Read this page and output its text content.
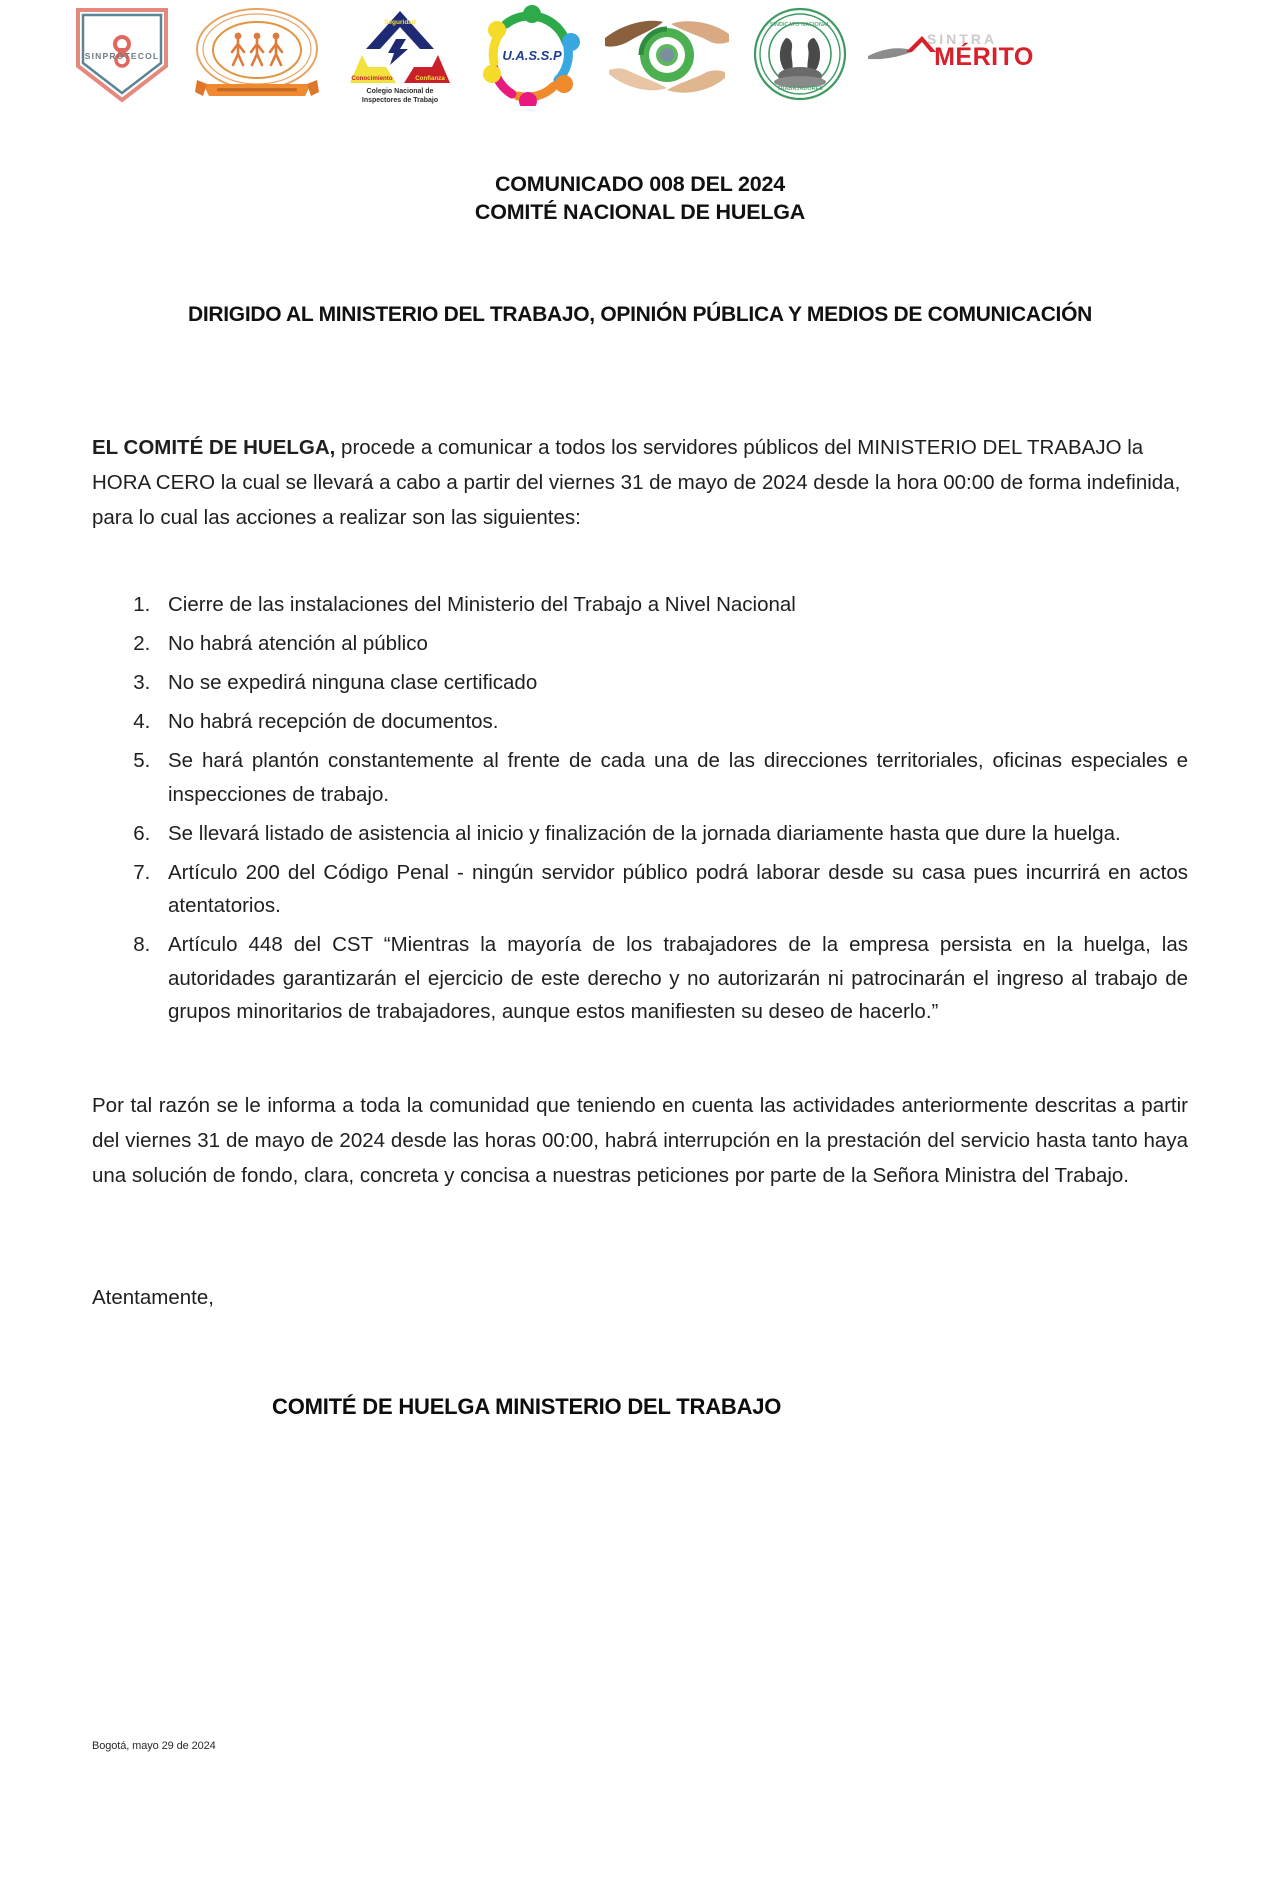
SINPROTECOL
Seguridad
Conocimiento	Confianza
Colegio Nacional de
Inspectores de Trabajo
U.A.S.S.P
SINDICATO NACIONAL
TRABAJADORES
SINTRA
MÉRITO
COMUNICADO 008 DEL 2024
COMITÉ NACIONAL DE HUELGA
DIRIGIDO AL MINISTERIO DEL TRABAJO, OPINIÓN PÚBLICA Y MEDIOS DE COMUNICACIÓN

EL COMITÉ DE HUELGA, procede a comunicar a todos los servidores públicos del MINISTERIO DEL TRABAJO la HORA CERO la cual se llevará a cabo a partir del viernes 31 de mayo de 2024 desde la hora 00:00 de forma indefinida, para lo cual las acciones a realizar son las siguientes:

1. Cierre de las instalaciones del Ministerio del Trabajo a Nivel Nacional
2. No habrá atención al público
3. No se expedirá ninguna clase certificado
4. No habrá recepción de documentos.
5. Se hará plantón constantemente al frente de cada una de las direcciones territoriales, oficinas especiales e inspecciones de trabajo.
6. Se llevará listado de asistencia al inicio y finalización de la jornada diariamente hasta que dure la huelga.
7. Artículo 200 del Código Penal - ningún servidor público podrá laborar desde su casa pues incurrirá en actos atentatorios.
8. Artículo 448 del CST “Mientras la mayoría de los trabajadores de la empresa persista en la huelga, las autoridades garantizarán el ejercicio de este derecho y no autorizarán ni patrocinarán el ingreso al trabajo de grupos minoritarios de trabajadores, aunque estos manifiesten su deseo de hacerlo.”

Por tal razón se le informa a toda la comunidad que teniendo en cuenta las actividades anteriormente descritas a partir del viernes 31 de mayo de 2024 desde las horas 00:00, habrá interrupción en la prestación del servicio hasta tanto haya una solución de fondo, clara, concreta y concisa a nuestras peticiones por parte de la Señora Ministra del Trabajo.

Atentamente,

COMITÉ DE HUELGA MINISTERIO DEL TRABAJO

Bogotá, mayo 29 de 2024
